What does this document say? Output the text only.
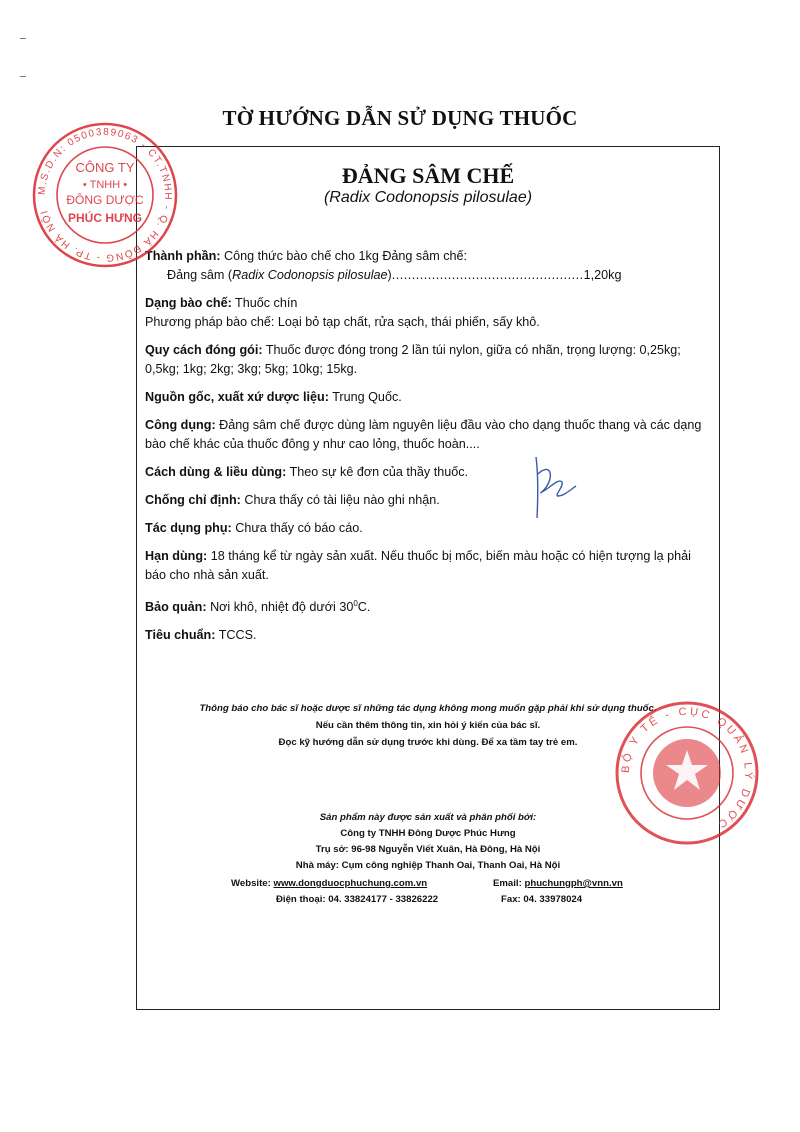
TỜ HƯỚNG DẪN SỬ DỤNG THUỐC
ĐẢNG SÂM CHẾ
(Radix Codonopsis pilosulae)
Thành phần: Công thức bào chế cho 1kg Đảng sâm chế:

Đảng sâm (Radix Codonopsis pilosulae)................................................1,20kg
Dạng bào chế: Thuốc chín
Phương pháp bào chế: Loại bỏ tạp chất, rửa sạch, thái phiến, sấy khô.
Quy cách đóng gói: Thuốc được đóng trong 2 lần túi nylon, giữa có nhãn, trọng lượng: 0,25kg; 0,5kg; 1kg; 2kg; 3kg; 5kg; 10kg; 15kg.
Nguồn gốc, xuất xứ dược liệu: Trung Quốc.
Công dụng: Đảng sâm chế được dùng làm nguyên liệu đầu vào cho dạng thuốc thang và các dạng bào chế khác của thuốc đông y như cao lỏng, thuốc hoàn....
Cách dùng & liều dùng: Theo sự kê đơn của thầy thuốc.
Chống chỉ định: Chưa thấy có tài liệu nào ghi nhận.
Tác dụng phụ: Chưa thấy có báo cáo.
Hạn dùng: 18 tháng kể từ ngày sản xuất. Nếu thuốc bị mốc, biến màu hoặc có hiện tượng lạ phải báo cho nhà sản xuất.
Bảo quản: Nơi khô, nhiệt độ dưới $30^0C$.
Tiêu chuẩn: TCCS.
Thông báo cho bác sĩ hoặc dược sĩ những tác dụng không mong muốn gặp phải khi sử dụng thuốc.
Nếu cần thêm thông tin, xin hỏi ý kiến của bác sĩ.
Đọc kỹ hướng dẫn sử dụng trước khi dùng. Để xa tầm tay trẻ em.
Sản phẩm này được sản xuất và phân phối bởi:
Công ty TNHH Đông Dược Phúc Hưng
Trụ sở: 96-98 Nguyễn Viết Xuân, Hà Đông, Hà Nội
Nhà máy: Cụm công nghiệp Thanh Oai, Thanh Oai, Hà Nội
Website: www.dongduocphuchung.com.vn
Điện thoại: 04. 33824177 - 33826222
Email: phuchungph@vnn.vn
Fax: 04. 33978024
M.S.D.N: 0500389063 - CT.TNHH - Q. HÀ ĐÔNG - TP. HÀ NỘI
CÔNG TY
• TNHH •
ĐÔNG DƯỢC
PHÚC HƯNG
BỘ Y TẾ - CỤC QUẢN LÝ DƯỢC
